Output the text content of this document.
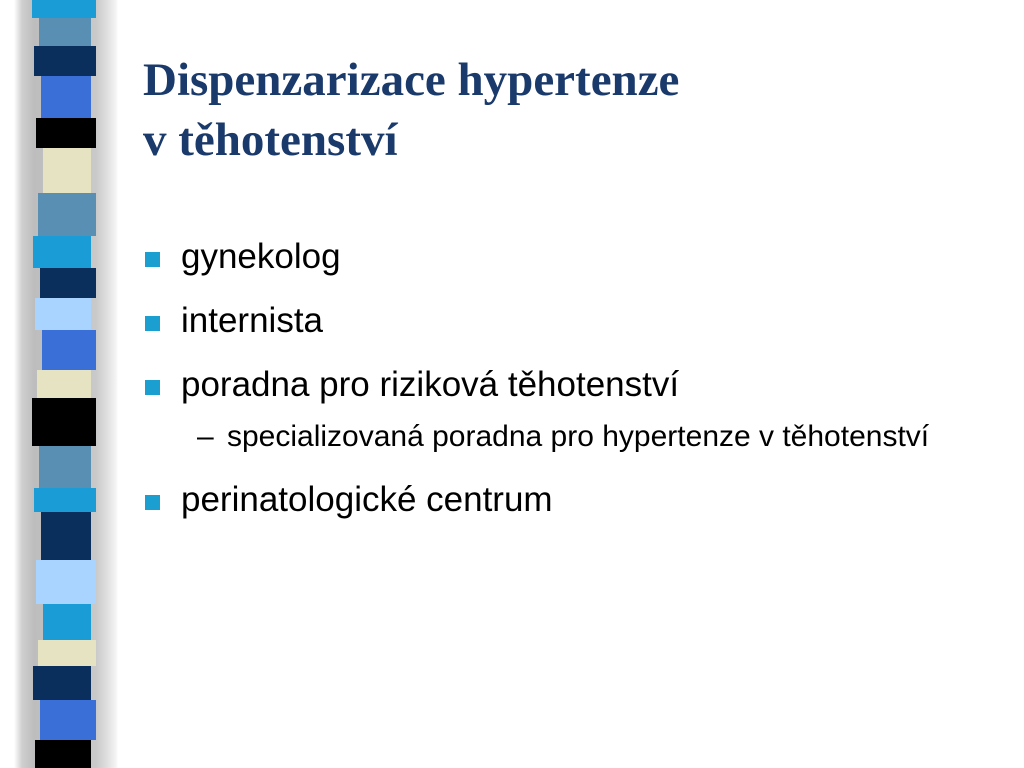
Dispenzarizace hypertenze
v těhotenství
gynekolog
internista
poradna pro riziková těhotenství
– specializovaná poradna pro hypertenze v těhotenství
perinatologické centrum
